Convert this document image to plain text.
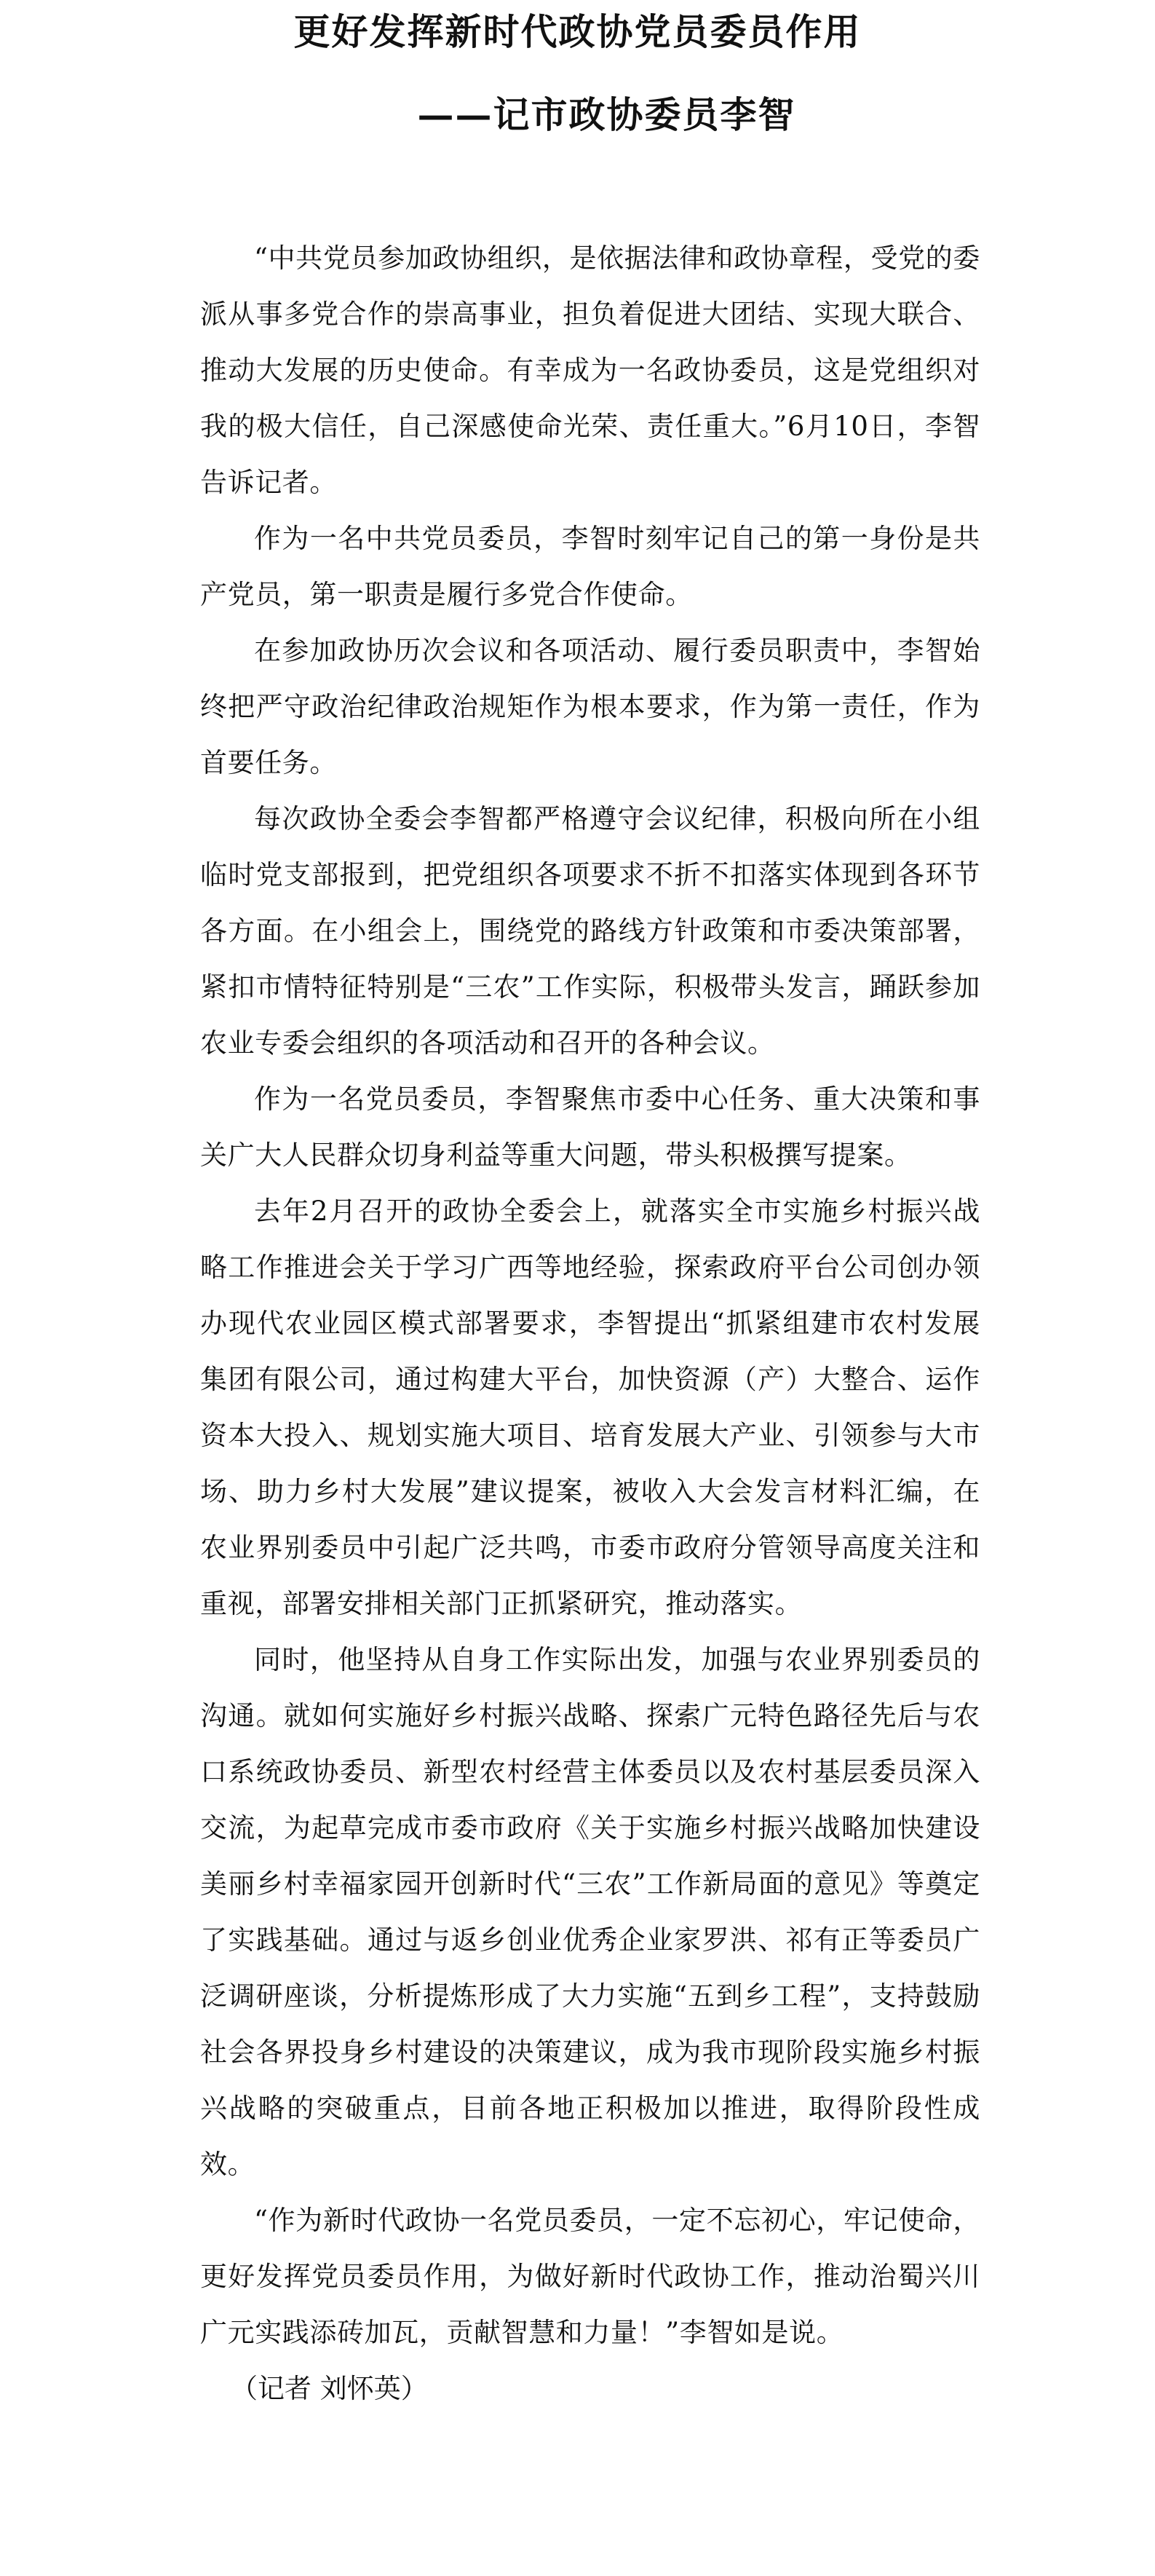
更好发挥新时代政协党员委员作用
——记市政协委员李智

“中共党员参加政协组织，是依据法律和政协章程，受党的委派从事多党合作的崇高事业，担负着促进大团结、实现大联合、推动大发展的历史使命。有幸成为一名政协委员，这是党组织对我的极大信任，自己深感使命光荣、责任重大。”6月10日，李智告诉记者。

作为一名中共党员委员，李智时刻牢记自己的第一身份是共产党员，第一职责是履行多党合作使命。

在参加政协历次会议和各项活动、履行委员职责中，李智始终把严守政治纪律政治规矩作为根本要求，作为第一责任，作为首要任务。

每次政协全委会李智都严格遵守会议纪律，积极向所在小组临时党支部报到，把党组织各项要求不折不扣落实体现到各环节各方面。在小组会上，围绕党的路线方针政策和市委决策部署，紧扣市情特征特别是“三农”工作实际，积极带头发言，踊跃参加农业专委会组织的各项活动和召开的各种会议。

作为一名党员委员，李智聚焦市委中心任务、重大决策和事关广大人民群众切身利益等重大问题，带头积极撰写提案。

去年2月召开的政协全委会上，就落实全市实施乡村振兴战略工作推进会关于学习广西等地经验，探索政府平台公司创办领办现代农业园区模式部署要求，李智提出“抓紧组建市农村发展集团有限公司，通过构建大平台，加快资源（产）大整合、运作资本大投入、规划实施大项目、培育发展大产业、引领参与大市场、助力乡村大发展”建议提案，被收入大会发言材料汇编，在农业界别委员中引起广泛共鸣，市委市政府分管领导高度关注和重视，部署安排相关部门正抓紧研究，推动落实。

同时，他坚持从自身工作实际出发，加强与农业界别委员的沟通。就如何实施好乡村振兴战略、探索广元特色路径先后与农口系统政协委员、新型农村经营主体委员以及农村基层委员深入交流，为起草完成市委市政府《关于实施乡村振兴战略加快建设美丽乡村幸福家园开创新时代“三农”工作新局面的意见》等奠定了实践基础。通过与返乡创业优秀企业家罗洪、祁有正等委员广泛调研座谈，分析提炼形成了大力实施“五到乡工程”，支持鼓励社会各界投身乡村建设的决策建议，成为我市现阶段实施乡村振兴战略的突破重点，目前各地正积极加以推进，取得阶段性成效。

“作为新时代政协一名党员委员，一定不忘初心，牢记使命，更好发挥党员委员作用，为做好新时代政协工作，推动治蜀兴川广元实践添砖加瓦，贡献智慧和力量！”李智如是说。

（记者 刘怀英）
